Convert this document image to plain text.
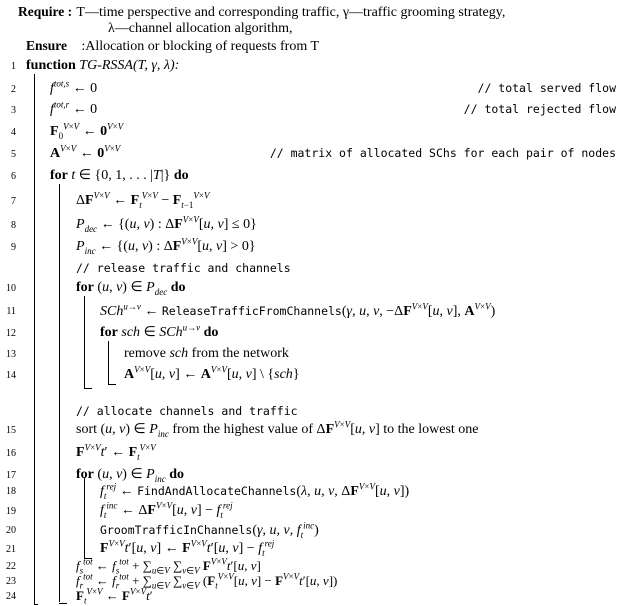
Require : T—time perspective and corresponding traffic, γ—traffic grooming strategy,
λ—channel allocation algorithm,
Ensure :Allocation or blocking of requests from T
1 function TG-RSSA(T, γ, λ):
2 $f^{tot,s}$ ← 0	// total served flow
3 $f^{tot,r}$ ← 0	// total rejected flow
4 $F_0^{V\times V}$ ← $0^{V\times V}$
5 $A^{V\times V}$ ← $0^{V\times V}$	// matrix of allocated SChs for each pair of nodes
6 for t ∈ {0, 1, . . . |T|} do
7	$\Delta F^{V\times V}$ ← $F_t^{V\times V} - F_{t-1}^{V\times V}$
8	$P_{dec}$ ← {(u, v) : $\Delta F^{V\times V}[u$, v] ≤ 0}
9	$P_{inc}$ ← {(u, v) : $\Delta F^{V\times V}[u$, v] > 0}
// release traffic and channels
10	for (u, v) ∈ $P_{dec}$ do
11	SCh$^{u\to v}$ ← ReleaseTrafficFromChannels(γ, u, v, $-\Delta F^{V\times V}[u$, v], $A^{V\times V}$)
12	for sch ∈ SCh$^{u\to v}$ do
13	remove sch from the network
14	$A^{V\times V}[u$, v] ← $A^{V\times V}[u$, v] \ {sch}
// allocate channels and traffic
15	sort (u, v) ∈ $P_{inc}$ from the highest value of $\Delta F^{V\times V}[u$, v] to the lowest one
16	$F^{V\times V}t'$ ← $F_t^{V\times V}$
17	for (u, v) ∈ $P_{inc}$ do
18	$f_t^{rej}$ ← FindAndAllocateChannels(λ, u, v, $\Delta F^{V\times V}[u$, v])
19	$f_t^{inc}$ ← $\Delta F^{V\times V}[u$, $v] - f_t^{rej}$
20	GroomTrafficInChannels(γ, u, v, $f_t^{inc}$)
21	$F^{V\times V}t'[u$, v] ← $F^{V\times V}t'[u$, $v] - f_t^{rej}$
22	$f_s^{tot}$ ← $f_s^{tot} + \sum_{u\in V}$ $\sum_{v\in V}$ $F^{V\times V}t'[u$, v]
23	$f_r^{tot}$ ← $f_r^{tot} + \sum_{u\in V}$ $\sum_{v\in V}$ ($F_t^{V\times V}[u$, $v] - F^{V\times V}t'[u$, v])
24	$F_t^{V\times V}$ ← $F^{V\times V}t'$
